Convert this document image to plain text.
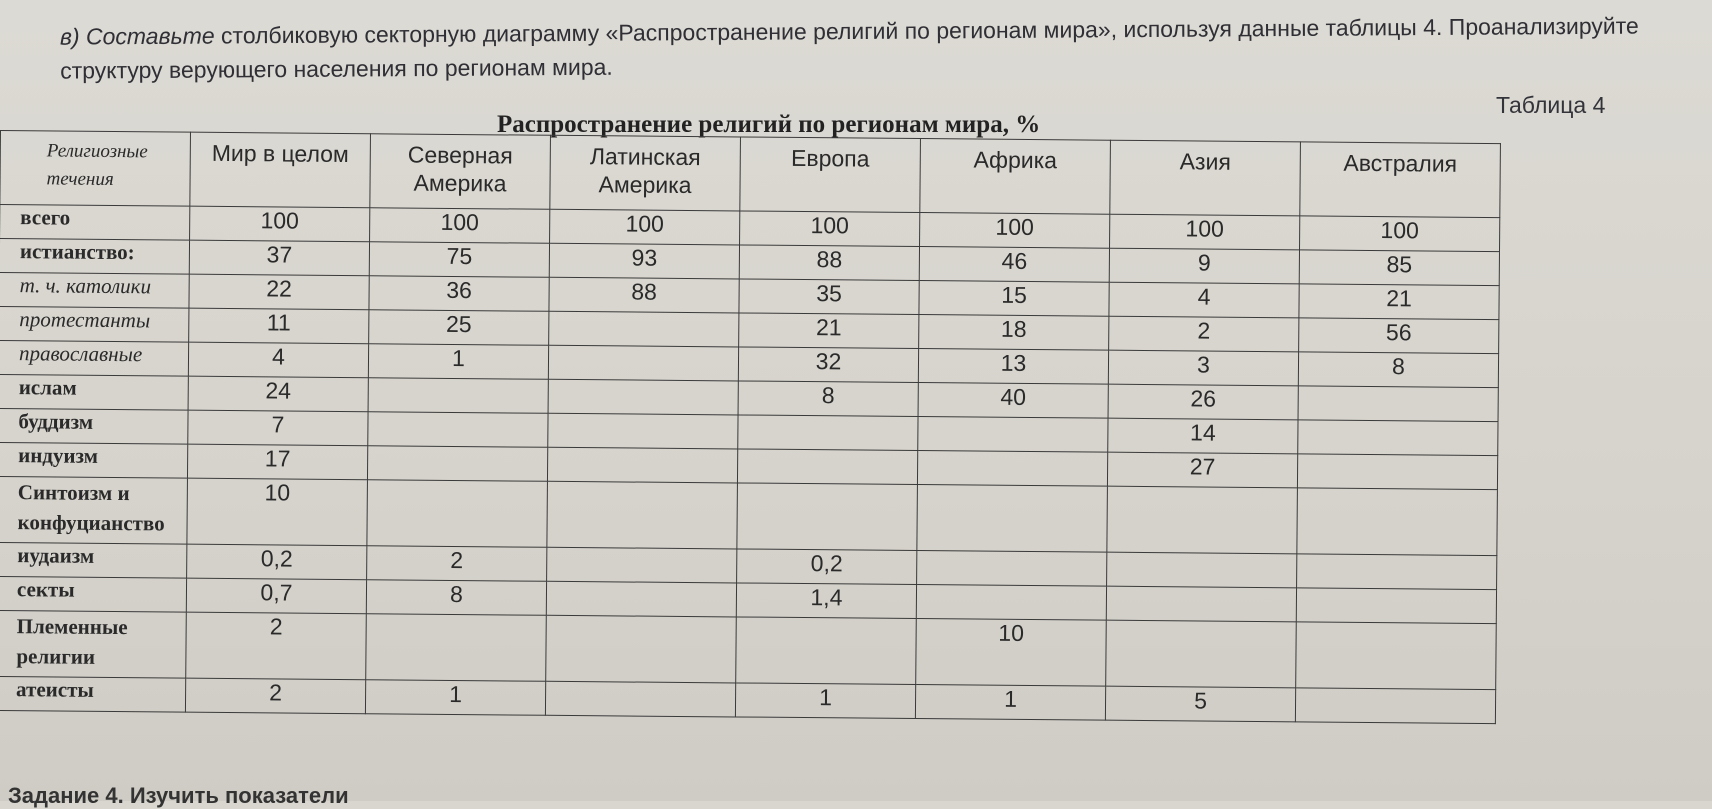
в) Составьте столбиковую секторную диаграмму «Распространение религий по регионам мира», используя данные таблицы 4. Проанализируйте структуру верующего населения по регионам мира.
Таблица 4
Распространение религий по регионам мира, %
Религиозные течения	Мир в целом	Северная Америка	Латинская Америка	Европа	Африка	Азия	Австралия
всего	100	100	100	100	100	100	100
истианство:	37	75	93	88	46	9	85
т. ч. католики	22	36	88	35	15	4	21
протестанты	11	25		21	18	2	56
православные	4	1		32	13	3	8
ислам	24			8	40	26	
буддизм	7					14	
индуизм	17					27	
Синтоизм и конфуцианство	10						
иудаизм	0,2	2		0,2			
секты	0,7	8		1,4			
Племенные религии	2				10		
атеисты	2	1		1	1	5	
Задание 4. Изучить показатели
